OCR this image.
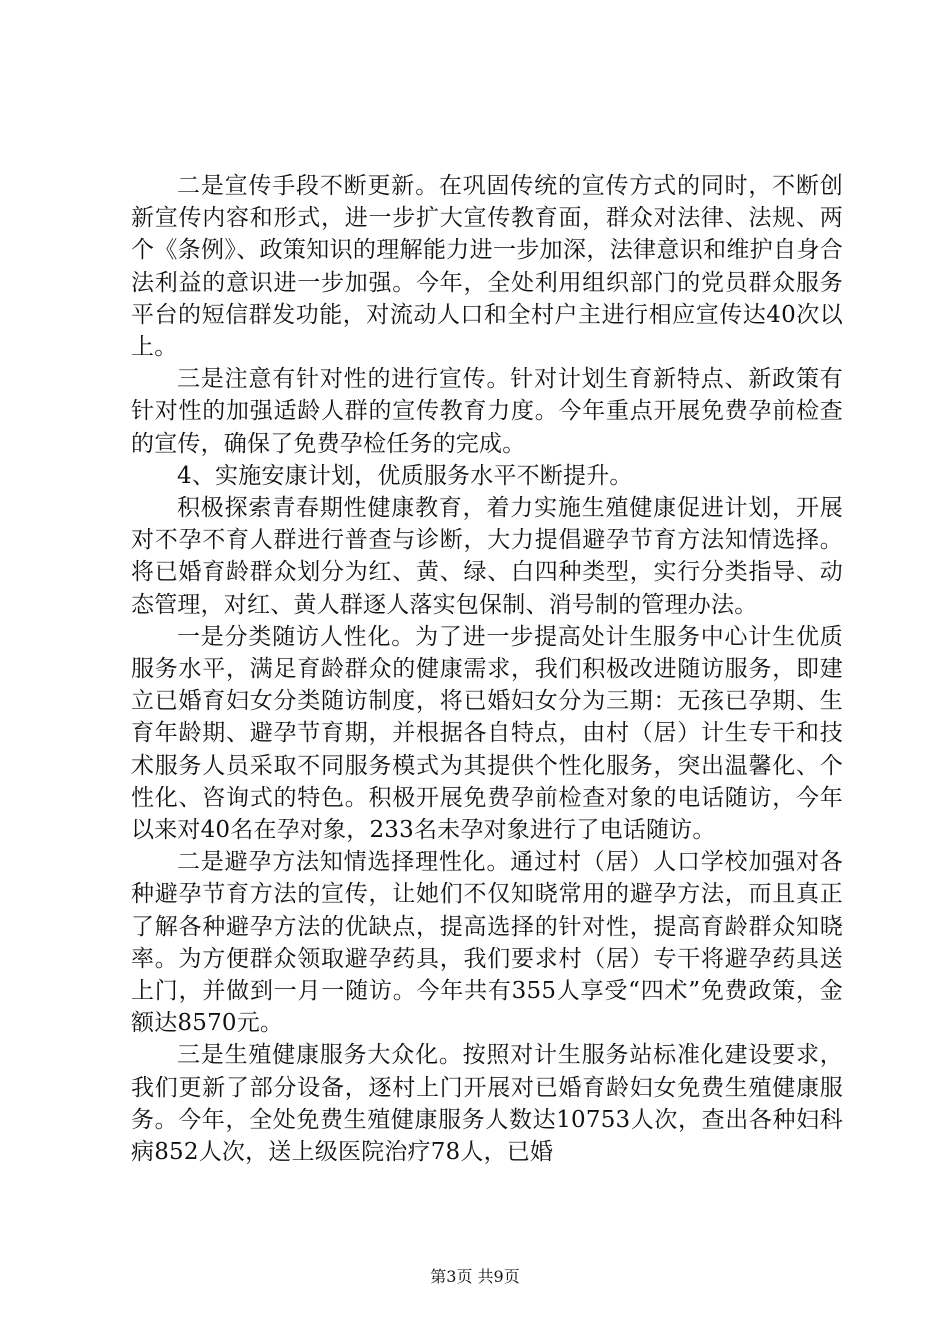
二是宣传手段不断更新。在巩固传统的宣传方式的同时，不断创新宣传内容和形式，进一步扩大宣传教育面，群众对法律、法规、两个《条例》、政策知识的理解能力进一步加深，法律意识和维护自身合法利益的意识进一步加强。今年，全处利用组织部门的党员群众服务平台的短信群发功能，对流动人口和全村户主进行相应宣传达40次以上。

三是注意有针对性的进行宣传。针对计划生育新特点、新政策有针对性的加强适龄人群的宣传教育力度。今年重点开展免费孕前检查的宣传，确保了免费孕检任务的完成。

4、实施安康计划，优质服务水平不断提升。

积极探索青春期性健康教育，着力实施生殖健康促进计划，开展对不孕不育人群进行普查与诊断，大力提倡避孕节育方法知情选择。将已婚育龄群众划分为红、黄、绿、白四种类型，实行分类指导、动态管理，对红、黄人群逐人落实包保制、消号制的管理办法。

一是分类随访人性化。为了进一步提高处计生服务中心计生优质服务水平，满足育龄群众的健康需求，我们积极改进随访服务，即建立已婚育妇女分类随访制度，将已婚妇女分为三期：无孩已孕期、生育年龄期、避孕节育期，并根据各自特点，由村（居）计生专干和技术服务人员采取不同服务模式为其提供个性化服务，突出温馨化、个性化、咨询式的特色。积极开展免费孕前检查对象的电话随访，今年以来对40名在孕对象，233名未孕对象进行了电话随访。

二是避孕方法知情选择理性化。通过村（居）人口学校加强对各种避孕节育方法的宣传，让她们不仅知晓常用的避孕方法，而且真正了解各种避孕方法的优缺点，提高选择的针对性，提高育龄群众知晓率。为方便群众领取避孕药具，我们要求村（居）专干将避孕药具送上门，并做到一月一随访。今年共有355人享受“四术”免费政策，金额达8570元。

三是生殖健康服务大众化。按照对计生服务站标准化建设要求，我们更新了部分设备，逐村上门开展对已婚育龄妇女免费生殖健康服务。今年，全处免费生殖健康服务人数达10753人次，查出各种妇科病852人次，送上级医院治疗78人，已婚

第3页 共9页
